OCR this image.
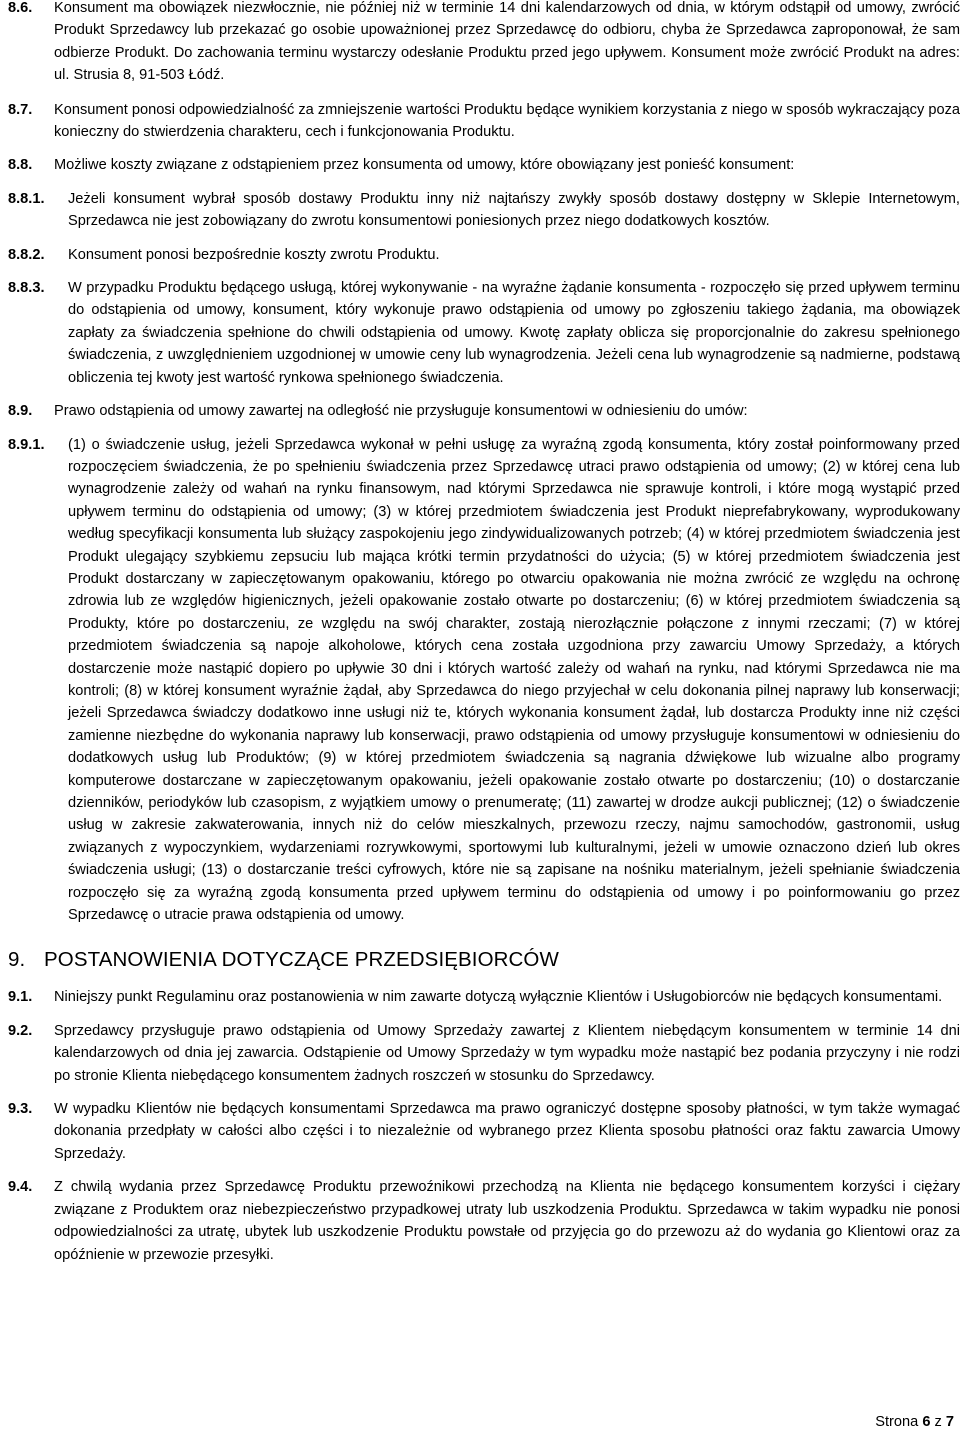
8.6.	Konsument ma obowiązek niezwłocznie, nie później niż w terminie 14 dni kalendarzowych od dnia, w którym odstąpił od umowy, zwrócić Produkt Sprzedawcy lub przekazać go osobie upoważnionej przez Sprzedawcę do odbioru, chyba że Sprzedawca zaproponował, że sam odbierze Produkt. Do zachowania terminu wystarczy odesłanie Produktu przed jego upływem. Konsument może zwrócić Produkt na adres: ul. Strusia 8, 91-503 Łódź.
8.7.	Konsument ponosi odpowiedzialność za zmniejszenie wartości Produktu będące wynikiem korzystania z niego w sposób wykraczający poza konieczny do stwierdzenia charakteru, cech i funkcjonowania Produktu.
8.8.	Możliwe koszty związane z odstąpieniem przez konsumenta od umowy, które obowiązany jest ponieść konsument:
8.8.1.	Jeżeli konsument wybrał sposób dostawy Produktu inny niż najtańszy zwykły sposób dostawy dostępny w Sklepie Internetowym, Sprzedawca nie jest zobowiązany do zwrotu konsumentowi poniesionych przez niego dodatkowych kosztów.
8.8.2.	Konsument ponosi bezpośrednie koszty zwrotu Produktu.
8.8.3.	W przypadku Produktu będącego usługą, której wykonywanie - na wyraźne żądanie konsumenta - rozpoczęło się przed upływem terminu do odstąpienia od umowy, konsument, który wykonuje prawo odstąpienia od umowy po zgłoszeniu takiego żądania, ma obowiązek zapłaty za świadczenia spełnione do chwili odstąpienia od umowy. Kwotę zapłaty oblicza się proporcjonalnie do zakresu spełnionego świadczenia, z uwzględnieniem uzgodnionej w umowie ceny lub wynagrodzenia. Jeżeli cena lub wynagrodzenie są nadmierne, podstawą obliczenia tej kwoty jest wartość rynkowa spełnionego świadczenia.
8.9.	Prawo odstąpienia od umowy zawartej na odległość nie przysługuje konsumentowi w odniesieniu do umów:
8.9.1.	(1) o świadczenie usług, jeżeli Sprzedawca wykonał w pełni usługę za wyraźną zgodą konsumenta, który został poinformowany przed rozpoczęciem świadczenia, że po spełnieniu świadczenia przez Sprzedawcę utraci prawo odstąpienia od umowy; (2) w której cena lub wynagrodzenie zależy od wahań na rynku finansowym, nad którymi Sprzedawca nie sprawuje kontroli, i które mogą wystąpić przed upływem terminu do odstąpienia od umowy; (3) w której przedmiotem świadczenia jest Produkt nieprefabrykowany, wyprodukowany według specyfikacji konsumenta lub służący zaspokojeniu jego zindywidualizowanych potrzeb; (4) w której przedmiotem świadczenia jest Produkt ulegający szybkiemu zepsuciu lub mająca krótki termin przydatności do użycia; (5) w której przedmiotem świadczenia jest Produkt dostarczany w zapieczętowanym opakowaniu, którego po otwarciu opakowania nie można zwrócić ze względu na ochronę zdrowia lub ze względów higienicznych, jeżeli opakowanie zostało otwarte po dostarczeniu; (6) w której przedmiotem świadczenia są Produkty, które po dostarczeniu, ze względu na swój charakter, zostają nierozłącznie połączone z innymi rzeczami; (7) w której przedmiotem świadczenia są napoje alkoholowe, których cena została uzgodniona przy zawarciu Umowy Sprzedaży, a których dostarczenie może nastąpić dopiero po upływie 30 dni i których wartość zależy od wahań na rynku, nad którymi Sprzedawca nie ma kontroli; (8) w której konsument wyraźnie żądał, aby Sprzedawca do niego przyjechał w celu dokonania pilnej naprawy lub konserwacji; jeżeli Sprzedawca świadczy dodatkowo inne usługi niż te, których wykonania konsument żądał, lub dostarcza Produkty inne niż części zamienne niezbędne do wykonania naprawy lub konserwacji, prawo odstąpienia od umowy przysługuje konsumentowi w odniesieniu do dodatkowych usług lub Produktów; (9) w której przedmiotem świadczenia są nagrania dźwiękowe lub wizualne albo programy komputerowe dostarczane w zapieczętowanym opakowaniu, jeżeli opakowanie zostało otwarte po dostarczeniu; (10) o dostarczanie dzienników, periodyków lub czasopism, z wyjątkiem umowy o prenumeratę; (11) zawartej w drodze aukcji publicznej; (12) o świadczenie usług w zakresie zakwaterowania, innych niż do celów mieszkalnych, przewozu rzeczy, najmu samochodów, gastronomii, usług związanych z wypoczynkiem, wydarzeniami rozrywkowymi, sportowymi lub kulturalnymi, jeżeli w umowie oznaczono dzień lub okres świadczenia usługi; (13) o dostarczanie treści cyfrowych, które nie są zapisane na nośniku materialnym, jeżeli spełnianie świadczenia rozpoczęło się za wyraźną zgodą konsumenta przed upływem terminu do odstąpienia od umowy i po poinformowaniu go przez Sprzedawcę o utracie prawa odstąpienia od umowy.
9. POSTANOWIENIA DOTYCZĄCE PRZEDSIĘBIORCÓW
9.1.	Niniejszy punkt Regulaminu oraz postanowienia w nim zawarte dotyczą wyłącznie Klientów i Usługobiorców nie będących konsumentami.
9.2.	Sprzedawcy przysługuje prawo odstąpienia od Umowy Sprzedaży zawartej z Klientem niebędącym konsumentem w terminie 14 dni kalendarzowych od dnia jej zawarcia. Odstąpienie od Umowy Sprzedaży w tym wypadku może nastąpić bez podania przyczyny i nie rodzi po stronie Klienta niebędącego konsumentem żadnych roszczeń w stosunku do Sprzedawcy.
9.3.	W wypadku Klientów nie będących konsumentami Sprzedawca ma prawo ograniczyć dostępne sposoby płatności, w tym także wymagać dokonania przedpłaty w całości albo części i to niezależnie od wybranego przez Klienta sposobu płatności oraz faktu zawarcia Umowy Sprzedaży.
9.4.	Z chwilą wydania przez Sprzedawcę Produktu przewoźnikowi przechodzą na Klienta nie będącego konsumentem korzyści i ciężary związane z Produktem oraz niebezpieczeństwo przypadkowej utraty lub uszkodzenia Produktu. Sprzedawca w takim wypadku nie ponosi odpowiedzialności za utratę, ubytek lub uszkodzenie Produktu powstałe od przyjęcia go do przewozu aż do wydania go Klientowi oraz za opóźnienie w przewozie przesyłki.
Strona 6 z 7
